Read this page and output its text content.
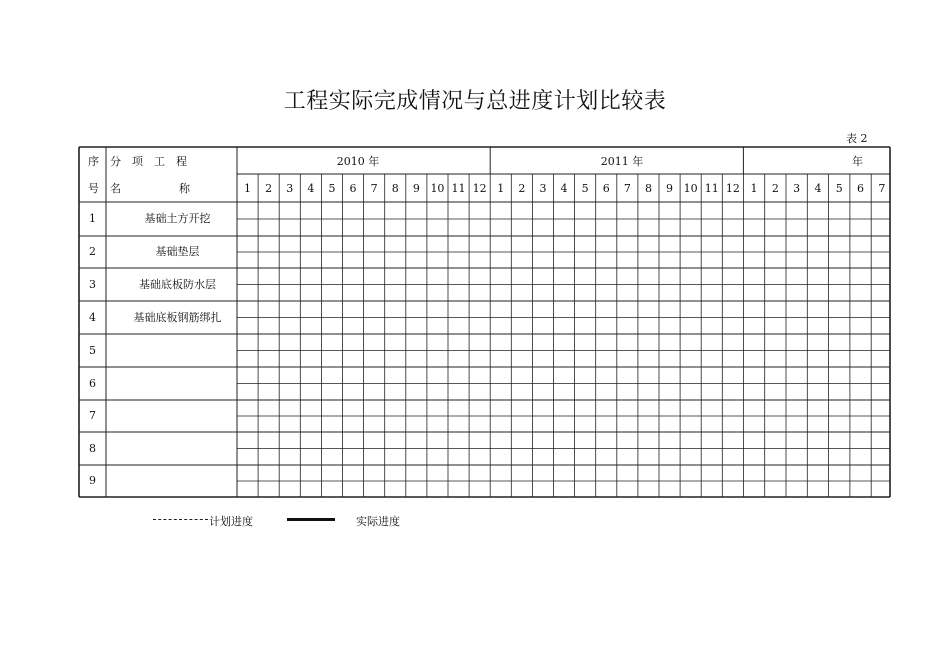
工程实际完成情况与总进度计划比较表
表 2
序
号
分　项　工　程
名	称
2010 年	2011 年	年
1 2 3 4 5 6 7 8 9 10 11 12 1 2 3 4 5 6 7 8 9 10 11 12 1 2 3 4 5 6 7
1	基础土方开挖
2	基础垫层
3	基础底板防水层
4	基础底板钢筋绑扎
5
6
7
8
9
计划进度	实际进度
